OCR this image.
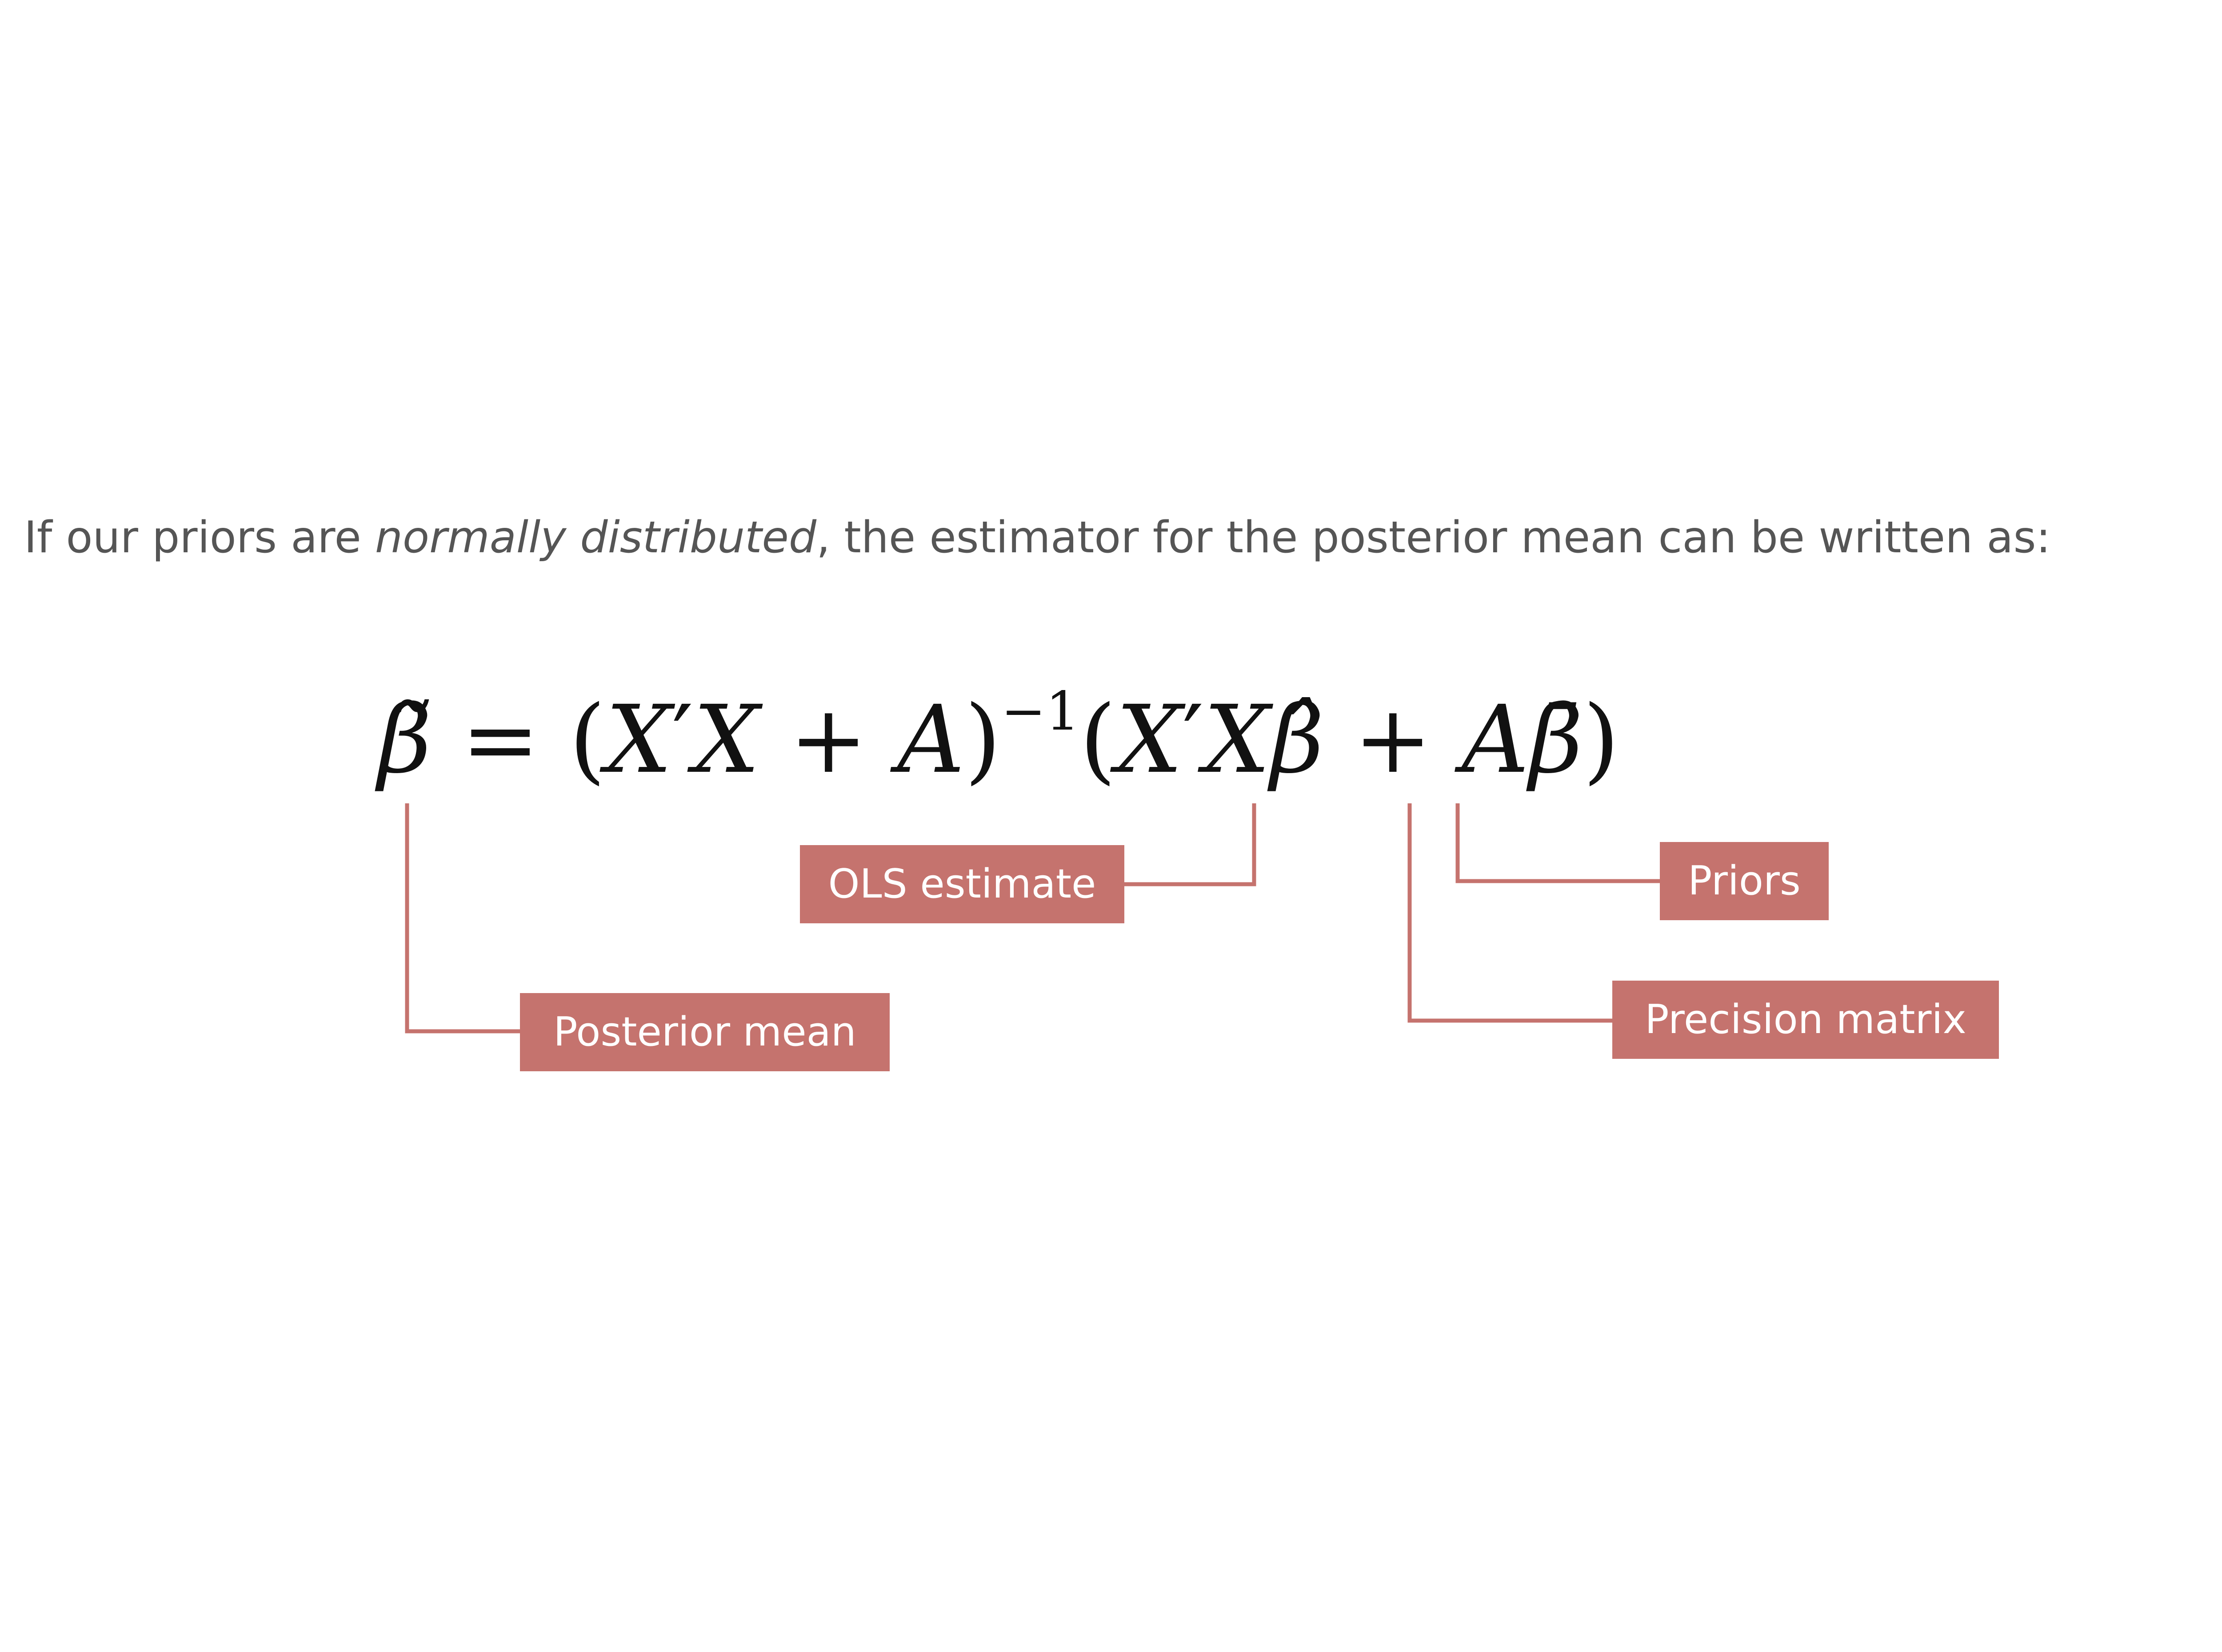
If our priors are normally distributed, the estimator for the posterior mean can be written as:

β̃ = $(X'X + A)^{-1}(X'X\betâ$ + Aβ̄)
Posterior mean
OLS estimate	Priors
Precision matrix
